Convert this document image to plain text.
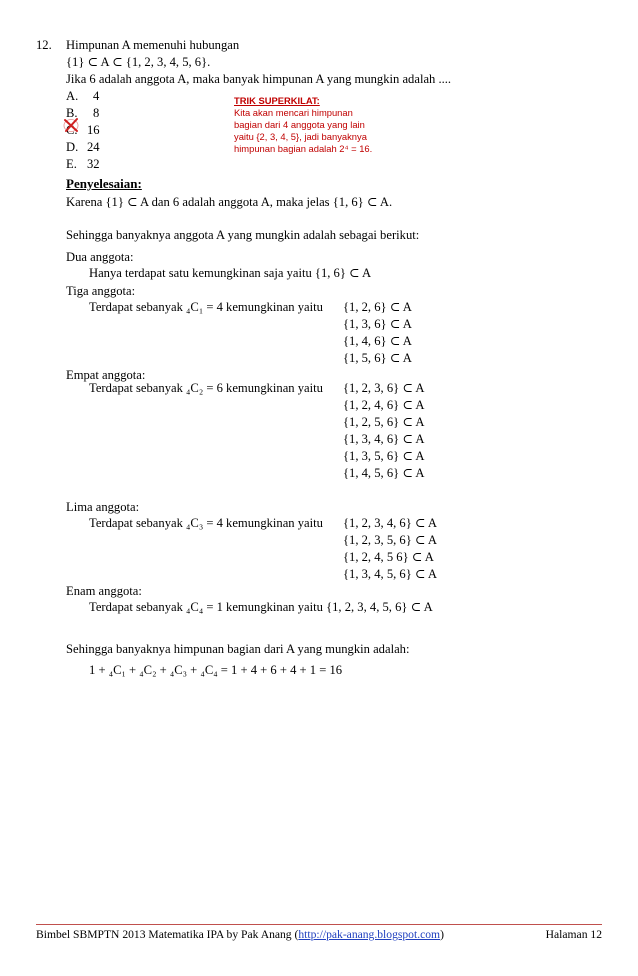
12. Himpunan A memenuhi hubungan
{1} ⊂ A ⊂ {1, 2, 3, 4, 5, 6}.
Jika 6 adalah anggota A, maka banyak himpunan A yang mungkin adalah ....
A. 4
B. 8
C. 16
D. 24
E. 32
TRIK SUPERKILAT:
Kita akan mencari himpunan
bagian dari 4 anggota yang lain
yaitu {2, 3, 4, 5}, jadi banyaknya
himpunan bagian adalah 2⁴ = 16.
Penyelesaian:
Karena {1} ⊂ A dan 6 adalah anggota A, maka jelas {1, 6} ⊂ A.
Sehingga banyaknya anggota A yang mungkin adalah sebagai berikut:
Dua anggota:
Hanya terdapat satu kemungkinan saja yaitu {1, 6} ⊂ A
Tiga anggota:
Terdapat sebanyak ₄C₁ = 4 kemungkinan yaitu {1, 2, 6} ⊂ A
{1, 3, 6} ⊂ A
{1, 4, 6} ⊂ A
{1, 5, 6} ⊂ A
Empat anggota:
Terdapat sebanyak ₄C₂ = 6 kemungkinan yaitu {1, 2, 3, 6} ⊂ A
{1, 2, 4, 6} ⊂ A
{1, 2, 5, 6} ⊂ A
{1, 3, 4, 6} ⊂ A
{1, 3, 5, 6} ⊂ A
{1, 4, 5, 6} ⊂ A
Lima anggota:
Terdapat sebanyak ₄C₃ = 4 kemungkinan yaitu {1, 2, 3, 4, 6} ⊂ A
{1, 2, 3, 5, 6} ⊂ A
{1, 2, 4, 5 6} ⊂ A
{1, 3, 4, 5, 6} ⊂ A
Enam anggota:
Terdapat sebanyak ₄C₄ = 1 kemungkinan yaitu {1, 2, 3, 4, 5, 6} ⊂ A
Sehingga banyaknya himpunan bagian dari A yang mungkin adalah:
1 + ₄C₁ + ₄C₂ + ₄C₃ + ₄C₄ = 1 + 4 + 6 + 4 + 1 = 16
Bimbel SBMPTN 2013 Matematika IPA by Pak Anang (http://pak-anang.blogspot.com)	Halaman 12
